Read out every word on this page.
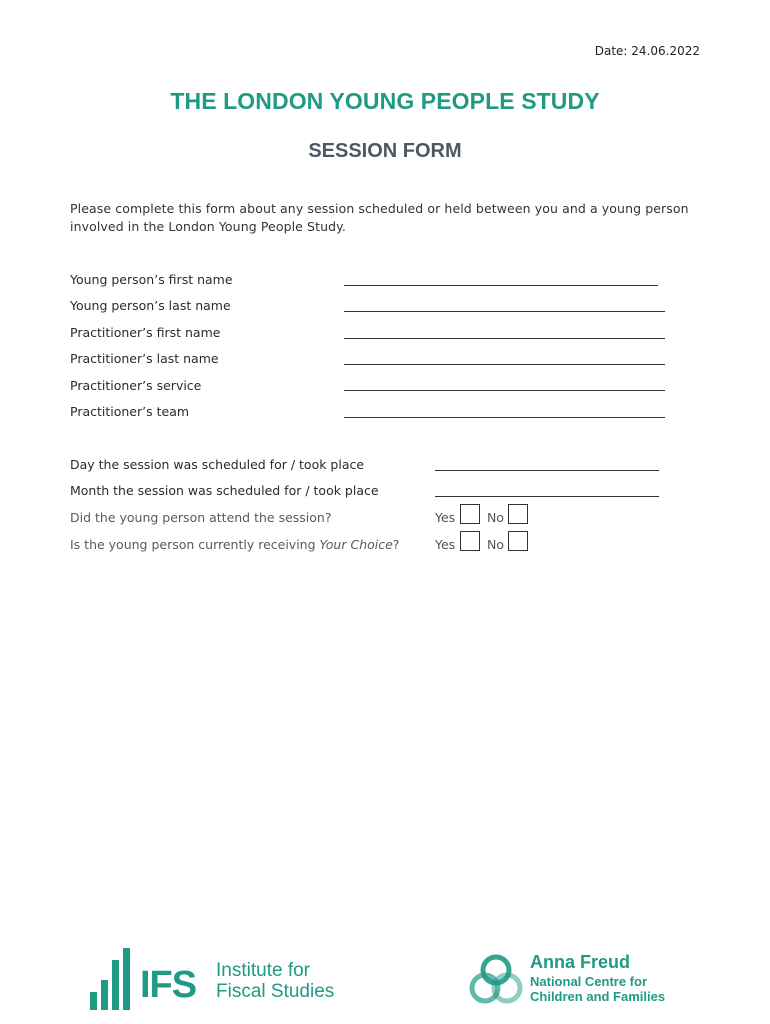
Date: 24.06.2022
THE LONDON YOUNG PEOPLE STUDY
SESSION FORM
Please complete this form about any session scheduled or held between you and a young person involved in the London Young People Study.
Young person’s first name
Young person’s last name
Practitioner’s first name
Practitioner’s last name
Practitioner’s service
Practitioner’s team
Day the session was scheduled for / took place
Month the session was scheduled for / took place
Did the young person attend the session?	Yes	No
Is the young person currently receiving Your Choice?	Yes	No
IFS Institute for
Fiscal Studies
Anna Freud
National Centre for
Children and Families
